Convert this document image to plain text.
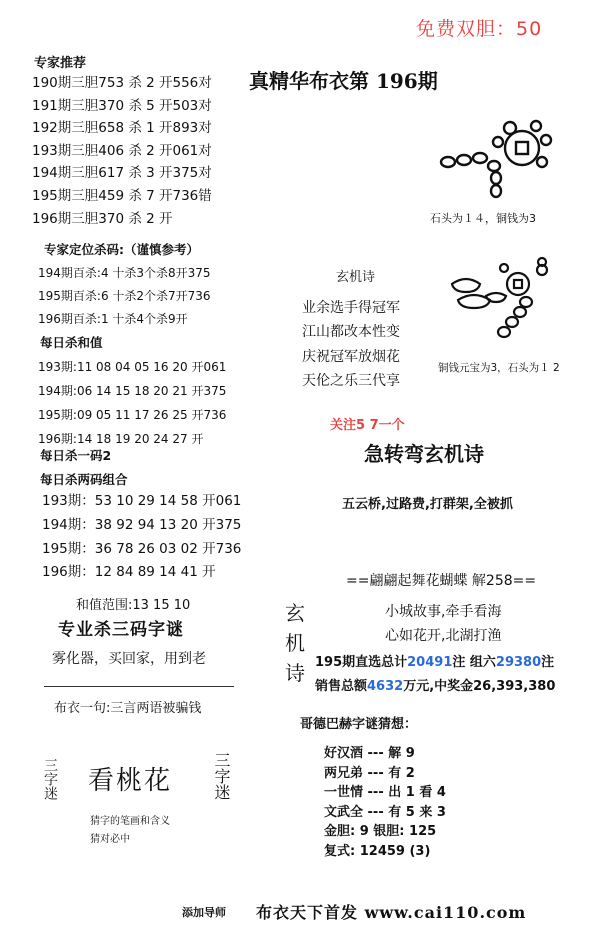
免费双胆：50
专家推荐
190期三胆753 杀 2 开556对
191期三胆370 杀 5 开503对
192期三胆658 杀 1 开893对
193期三胆406 杀 2 开061对
194期三胆617 杀 3 开375对
195期三胆459 杀 7 开736错
196期三胆370 杀 2 开
专家定位杀码:（谨慎参考）
194期百杀:4 十杀3个杀8开375
195期百杀:6 十杀2个杀7开736
196期百杀:1 十杀4个杀9开
每日杀和值
193期:11 08 04 05 16 20 开061
194期:06 14 15 18 20 21 开375
195期:09 05 11 17 26 25 开736
196期:14 18 19 20 24 27 开
每日杀一码2
每日杀两码组合
193期：53 10 29 14 58 开061
194期：38 92 94 13 20 开375
195期：36 78 26 03 02 开736
196期：12 84 89 14 41 开
和值范围:13 15 10
专业杀三码字谜
雾化器，买回家，用到老
布衣一句:三言两语被骗钱
三字迷 看桃花 三字迷
猜字的笔画和含义
猜对必中
真精华布衣第 196期
石头为１４，铜钱为3
玄机诗
业余选手得冠军
江山都改本性变
庆祝冠军放烟花
天伦之乐三代享
铜钱元宝为3，石头为１ 2
关注5 7一个
急转弯玄机诗
五云桥,过路费,打群架,全被抓
==翩翩起舞花蝴蝶 解258==
玄
机
诗
小城故事,牵手看海
心如花开,北湖打渔
195期直选总计20491注 组六29380注
销售总额4632万元,中奖金26,393,380
哥德巴赫字谜猜想：
好汉酒 --- 解 9
两兄弟 --- 有 2
一世情 --- 出 1 看 4
文武全 --- 有 5 来 3
金胆: 9 银胆: 125
复式: 12459 (3)
添加导师 布衣天下首发 www.cai110.com
